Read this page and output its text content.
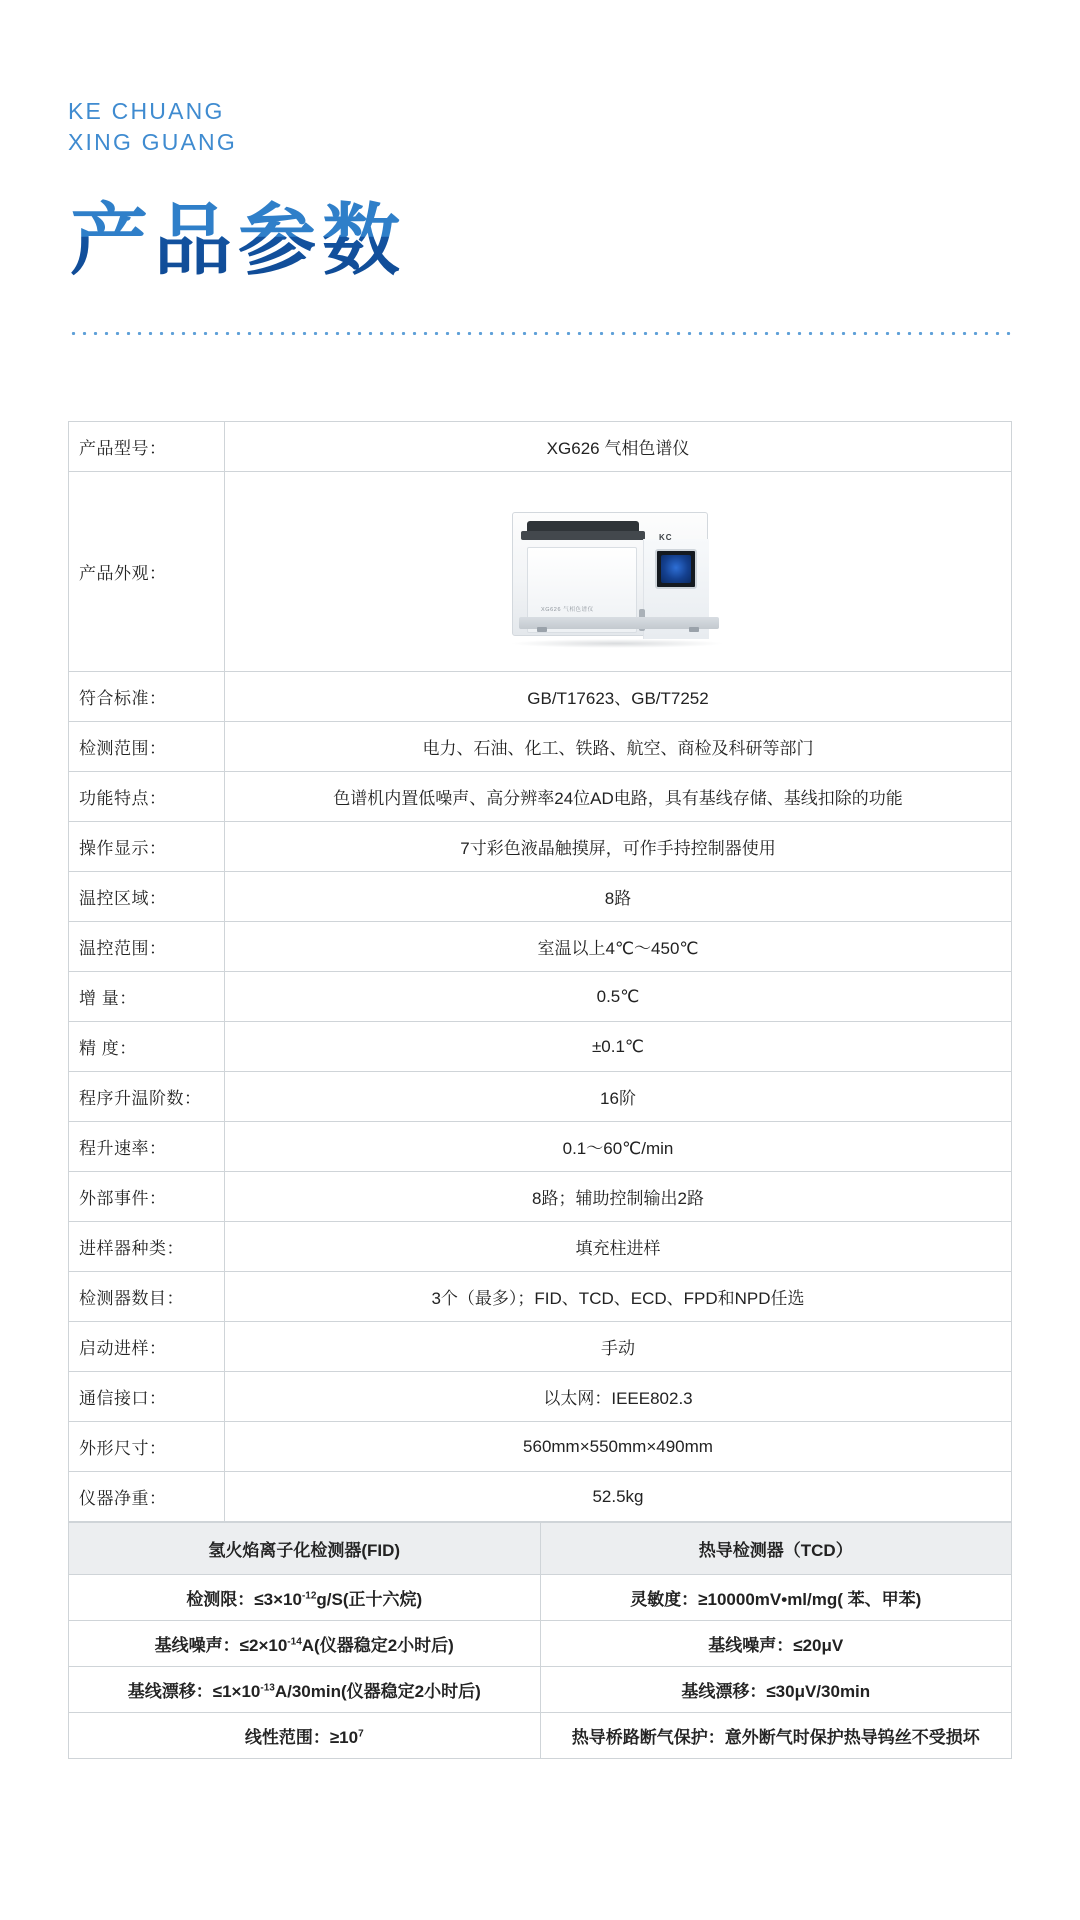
KE CHUANG
XING GUANG
产品参数
产品型号：	XG626 气相色谱仪
产品外观：	KC
XG626 气相色谱仪

符合标准：	GB/T17623、GB/T7252
检测范围：	电力、石油、化工、铁路、航空、商检及科研等部门
功能特点：	色谱机内置低噪声、高分辨率24位AD电路，具有基线存储、基线扣除的功能
操作显示：	7寸彩色液晶触摸屏，可作手持控制器使用
温控区域：	8路
温控范围：	室温以上4℃～450℃
增 量：	0.5℃
精 度：	±0.1℃
程序升温阶数：	16阶
程升速率：	0.1～60℃/min
外部事件：	8路；辅助控制输出2路
进样器种类：	填充柱进样
检测器数目：	3个（最多）；FID、TCD、ECD、FPD和NPD任选
启动进样：	手动
通信接口：	以太网：IEEE802.3
外形尺寸：	560mm×550mm×490mm
仪器净重：	52.5kg

氢火焰离子化检测器(FID)	热导检测器（TCD）
检测限：$\le 3\times 10^{-12}g/S$(正十六烷)	灵敏度：≥10000mV•ml/mg( 苯、甲苯)
基线噪声：$\le 2\times 10^{-14}A$(仪器稳定2小时后)	基线噪声：≤20μV
基线漂移：$\le 1\times 10^{-13}A/30\min$(仪器稳定2小时后)	基线漂移：≤30μV/30min
线性范围：$\ge 10^7$	热导桥路断气保护：意外断气时保护热导钨丝不受损坏
